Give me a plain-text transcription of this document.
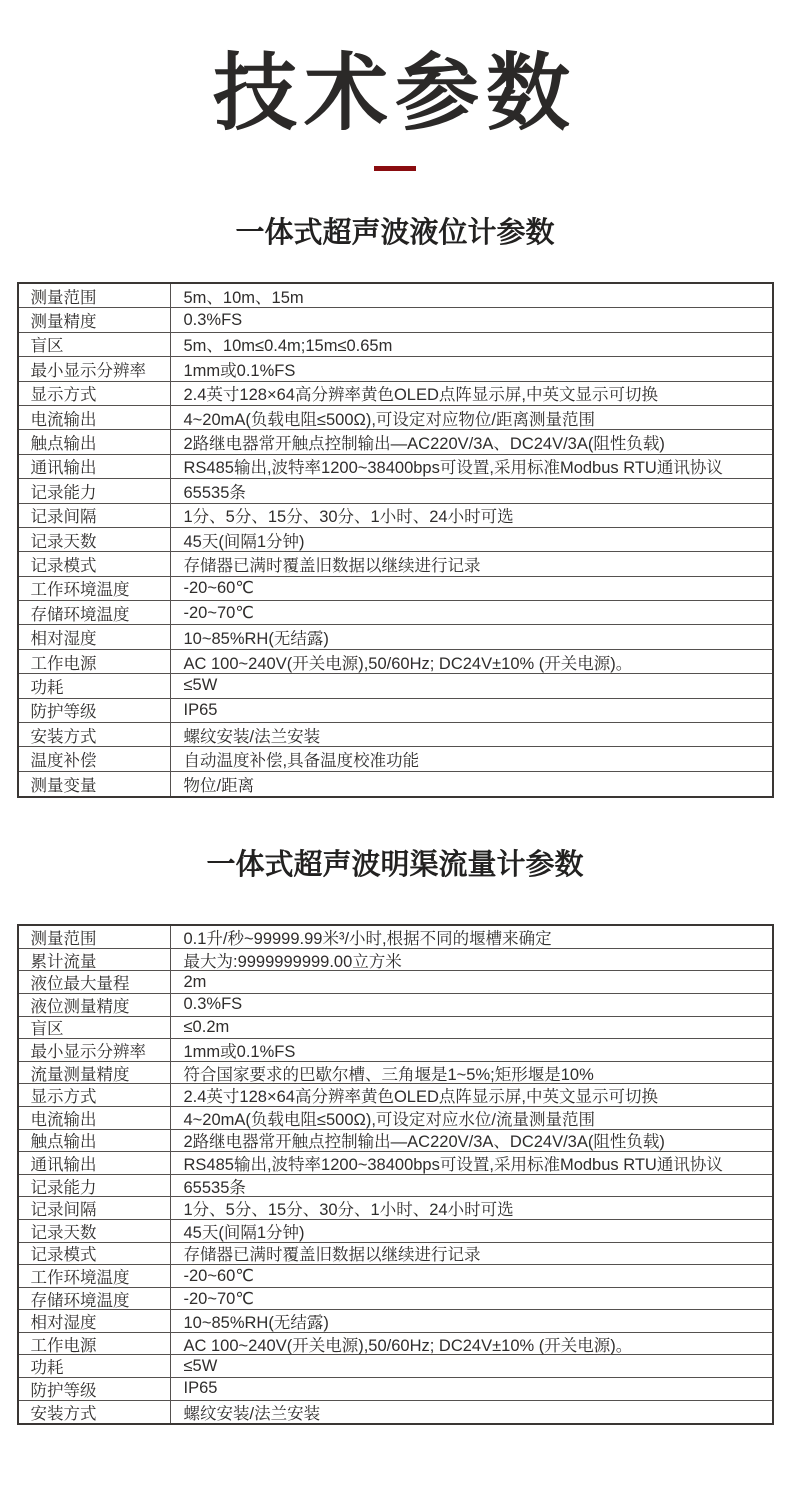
技术参数
一体式超声波液位计参数
测量范围	5m、10m、15m
测量精度	0.3%FS
盲区	5m、10m≤0.4m;15m≤0.65m
最小显示分辨率	1mm或0.1%FS
显示方式	2.4英寸128×64高分辨率黄色OLED点阵显示屏,中英文显示可切换
电流输出	4~20mA(负载电阻≤500Ω),可设定对应物位/距离测量范围
触点输出	2路继电器常开触点控制输出—AC220V/3A、DC24V/3A(阻性负载)
通讯输出	RS485输出,波特率1200~38400bps可设置,采用标准Modbus RTU通讯协议
记录能力	65535条
记录间隔	1分、5分、15分、30分、1小时、24小时可选
记录天数	45天(间隔1分钟)
记录模式	存储器已满时覆盖旧数据以继续进行记录
工作环境温度	-20~60℃
存储环境温度	-20~70℃
相对湿度	10~85%RH(无结露)
工作电源	AC 100~240V(开关电源),50/60Hz; DC24V±10% (开关电源)。
功耗	≤5W
防护等级	IP65
安装方式	螺纹安装/法兰安装
温度补偿	自动温度补偿,具备温度校准功能
测量变量	物位/距离
一体式超声波明渠流量计参数
测量范围	0.1升/秒~99999.99米³/小时,根据不同的堰槽来确定
累计流量	最大为:9999999999.00立方米
液位最大量程	2m
液位测量精度	0.3%FS
盲区	≤0.2m
最小显示分辨率	1mm或0.1%FS
流量测量精度	符合国家要求的巴歇尔槽、三角堰是1~5%;矩形堰是10%
显示方式	2.4英寸128×64高分辨率黄色OLED点阵显示屏,中英文显示可切换
电流输出	4~20mA(负载电阻≤500Ω),可设定对应水位/流量测量范围
触点输出	2路继电器常开触点控制输出—AC220V/3A、DC24V/3A(阻性负载)
通讯输出	RS485输出,波特率1200~38400bps可设置,采用标准Modbus RTU通讯协议
记录能力	65535条
记录间隔	1分、5分、15分、30分、1小时、24小时可选
记录天数	45天(间隔1分钟)
记录模式	存储器已满时覆盖旧数据以继续进行记录
工作环境温度	-20~60℃
存储环境温度	-20~70℃
相对湿度	10~85%RH(无结露)
工作电源	AC 100~240V(开关电源),50/60Hz; DC24V±10% (开关电源)。
功耗	≤5W
防护等级	IP65
安装方式	螺纹安装/法兰安装
